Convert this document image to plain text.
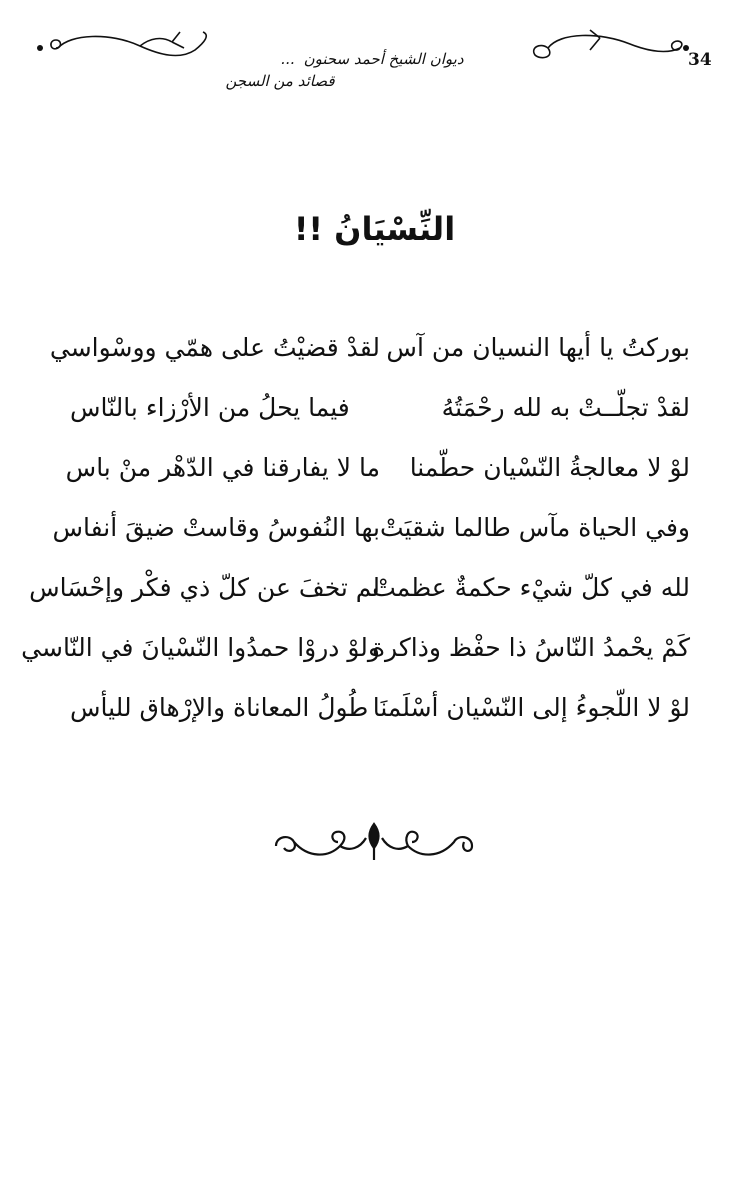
34
ديوان الشيخ أحمد سحنون ...
قصائد من السجن
النِّسْيَانُ !!
بوركتُ يا أيها النسيان من آس
لقدْ قضيْتُ على همّي ووسْواسي
لقدْ تجلّــتْ به لله رحْمَتُهُ
فيما يحلُ من الأرْزاء بالنّاس
لوْ لا معالجةُ النّسْيان حطّمنا
ما لا يفارقنا في الدّهْر منْ باس
وفي الحياة مآس طالما شقيَتْ
بها النُفوسُ وقاستْ ضيقَ أنفاس
لله في كلّ شيْء حكمةٌ عظمتْ
لم تخفَ عن كلّ ذي فكْر وإحْسَاس
كَمْ يحْمدُ النّاسُ ذا حفْظ وذاكرة
ولوْ دروْا حمدُوا النّسْيانَ في النّاسي
لوْ لا اللّجوءُ إلى النّسْيان أسْلَمنَا
طُولُ المعاناة والإرْهاق لليأس
